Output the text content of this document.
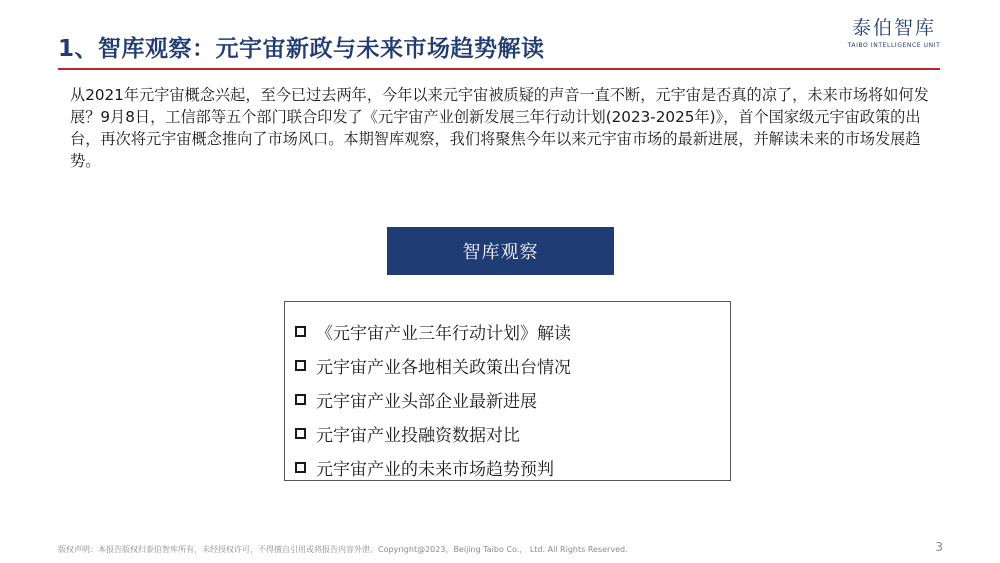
1、智库观察：元宇宙新政与未来市场趋势解读
泰伯智库
TAIBO INTELLIGENCE UNIT

从2021年元宇宙概念兴起，至今已过去两年，今年以来元宇宙被质疑的声音一直不断，元宇宙是否真的凉了，未来市场将如何发展？9月8日，工信部等五个部门联合印发了《元宇宙产业创新发展三年行动计划(2023-2025年)》，首个国家级元宇宙政策的出台，再次将元宇宙概念推向了市场风口。本期智库观察，我们将聚焦今年以来元宇宙市场的最新进展，并解读未来的市场发展趋势。

智库观察
《元宇宙产业三年行动计划》解读
元宇宙产业各地相关政策出台情况
元宇宙产业头部企业最新进展
元宇宙产业投融资数据对比
元宇宙产业的未来市场趋势预判
版权声明：本报告版权归泰伯智库所有，未经授权许可，不得擅自引用或将报告内容外泄。Copyright@2023，Beijing Taibo Co.， Ltd. All Rights Reserved.	3
